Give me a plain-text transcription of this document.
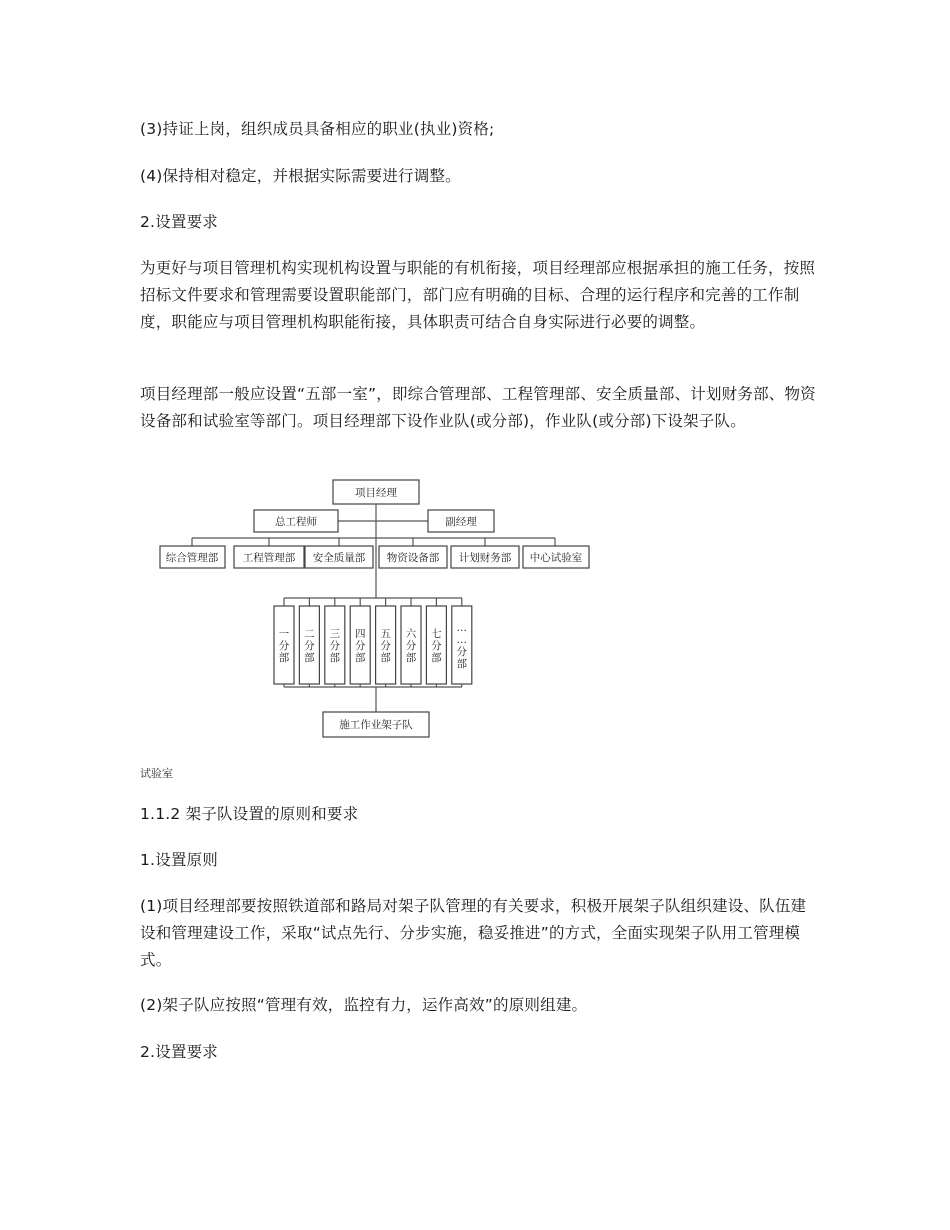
(3)持证上岗，组织成员具备相应的职业(执业)资格;

(4)保持相对稳定，并根据实际需要进行调整。

2.设置要求

为更好与项目管理机构实现机构设置与职能的有机衔接，项目经理部应根据承担的施工任务，按照招标文件要求和管理需要设置职能部门，部门应有明确的目标、合理的运行程序和完善的工作制度，职能应与项目管理机构职能衔接，具体职责可结合自身实际进行必要的调整。

项目经理部一般应设置“五部一室”，即综合管理部、工程管理部、安全质量部、计划财务部、物资设备部和试验室等部门。项目经理部下设作业队(或分部)，作业队(或分部)下设架子队。

项目经理
总工程师	副经理
综合管理部 工程管理部 安全质量部 物资设备部 计划财务部 中心试验室
一分部
二分部
三分部
四分部
五分部
六分部
七分部
… …分部
施工作业架子队
试验室

1.1.2 架子队设置的原则和要求

1.设置原则

(1)项目经理部要按照铁道部和路局对架子队管理的有关要求，积极开展架子队组织建设、队伍建设和管理建设工作，采取“试点先行、分步实施，稳妥推进”的方式，全面实现架子队用工管理模式。

(2)架子队应按照“管理有效，监控有力，运作高效”的原则组建。

2.设置要求
